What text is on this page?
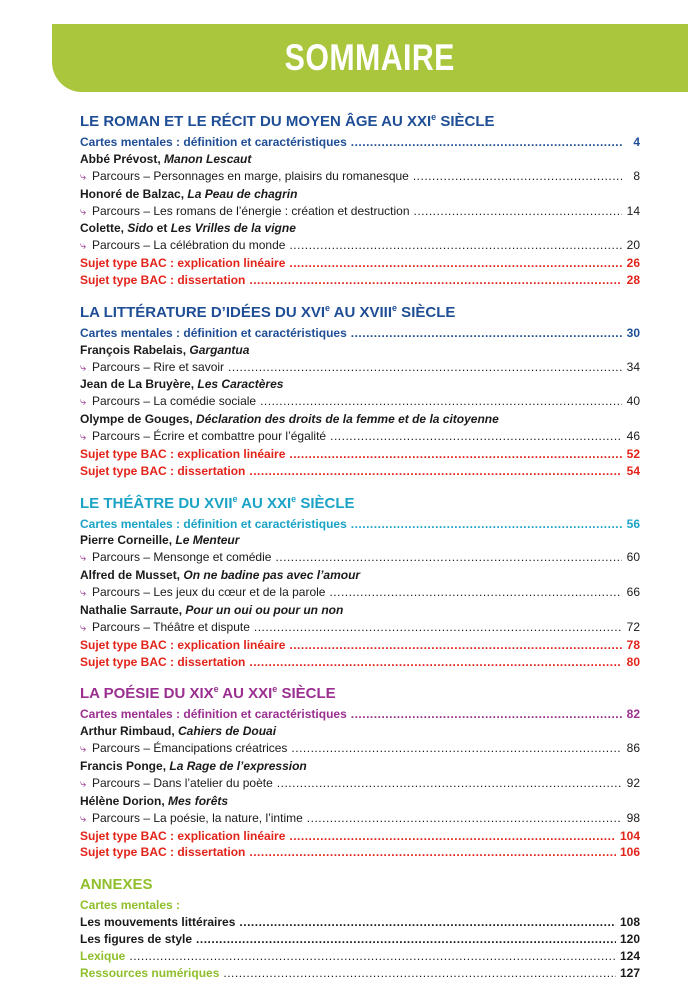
SOMMAIRE
LE ROMAN ET LE RÉCIT DU MOYEN ÂGE AU XXIe SIÈCLE
Cartes mentales : définition et caractéristiques .....	4
Abbé Prévost, Manon Lescaut
⤷ Parcours – Personnages en marge, plaisirs du romanesque .....	8
Honoré de Balzac, La Peau de chagrin
⤷ Parcours – Les romans de l’énergie : création et destruction .....	14
Colette, Sido et Les Vrilles de la vigne
⤷ Parcours – La célébration du monde .....	20
Sujet type BAC : explication linéaire .....	26
Sujet type BAC : dissertation .....	28
LA LITTÉRATURE D’IDÉES DU XVIe AU XVIIIe SIÈCLE
Cartes mentales : définition et caractéristiques .....	30
François Rabelais, Gargantua
⤷ Parcours – Rire et savoir .....	34
Jean de La Bruyère, Les Caractères
⤷ Parcours – La comédie sociale .....	40
Olympe de Gouges, Déclaration des droits de la femme et de la citoyenne
⤷ Parcours – Écrire et combattre pour l’égalité .....	46
Sujet type BAC : explication linéaire .....	52
Sujet type BAC : dissertation .....	54
LE THÉÂTRE DU XVIIe AU XXIe SIÈCLE
Cartes mentales : définition et caractéristiques .....	56
Pierre Corneille, Le Menteur
⤷ Parcours – Mensonge et comédie .....	60
Alfred de Musset, On ne badine pas avec l’amour
⤷ Parcours – Les jeux du cœur et de la parole .....	66
Nathalie Sarraute, Pour un oui ou pour un non
⤷ Parcours – Théâtre et dispute .....	72
Sujet type BAC : explication linéaire .....	78
Sujet type BAC : dissertation .....	80
LA POÉSIE DU XIXe AU XXIe SIÈCLE
Cartes mentales : définition et caractéristiques .....	82
Arthur Rimbaud, Cahiers de Douai
⤷ Parcours – Émancipations créatrices .....	86
Francis Ponge, La Rage de l’expression
⤷ Parcours – Dans l’atelier du poète .....	92
Hélène Dorion, Mes forêts
⤷ Parcours – La poésie, la nature, l’intime .....	98
Sujet type BAC : explication linéaire .....	104
Sujet type BAC : dissertation .....	106
ANNEXES
Cartes mentales :
Les mouvements littéraires .....	108
Les figures de style .....	120
Lexique .....	124
Ressources numériques .....	127
